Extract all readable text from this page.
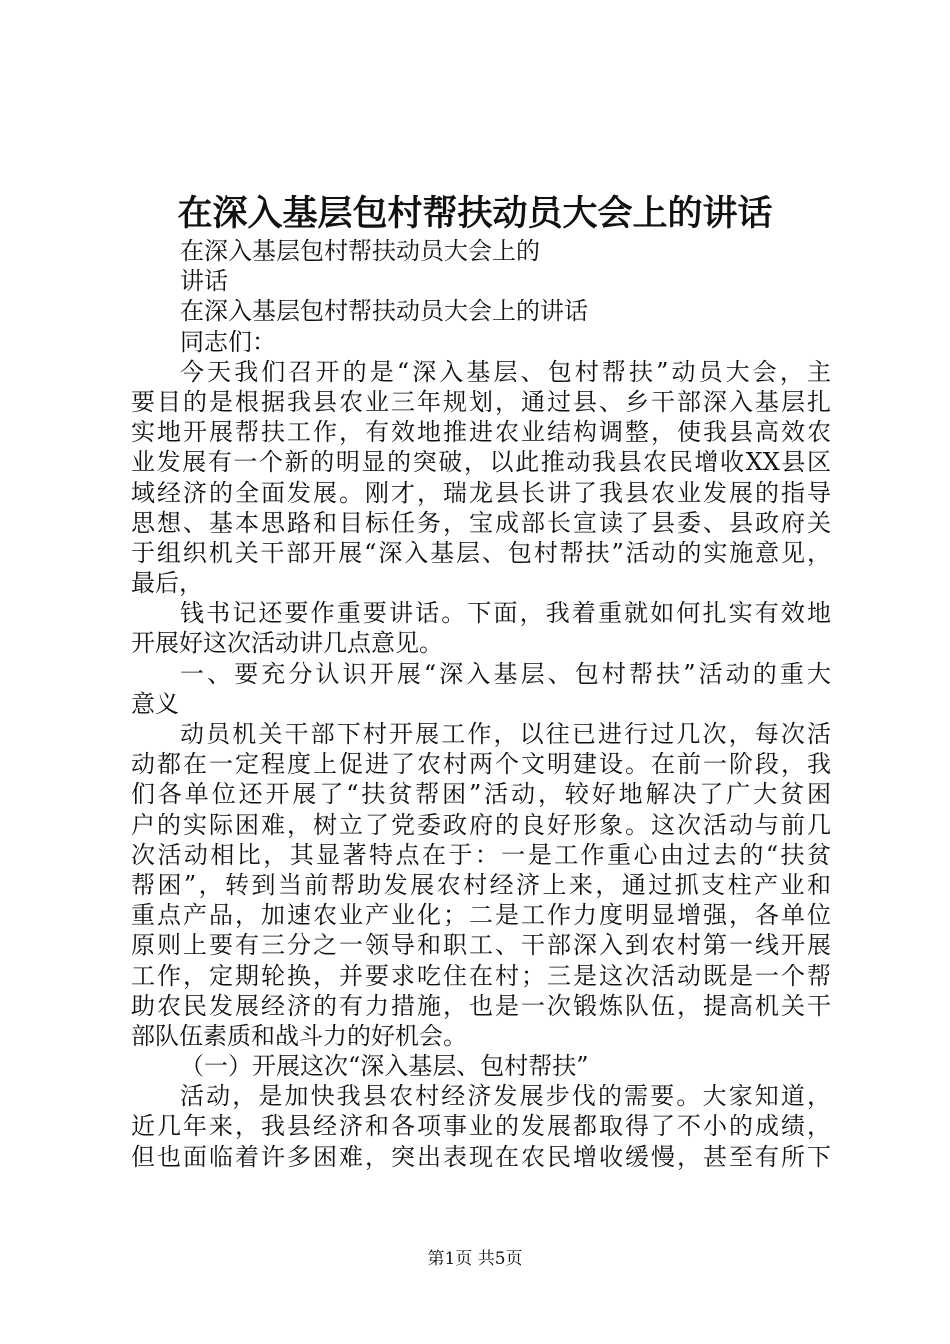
在深入基层包村帮扶动员大会上的讲话
在深入基层包村帮扶动员大会上的
讲话
在深入基层包村帮扶动员大会上的讲话
同志们：
今天我们召开的是“深入基层、包村帮扶”动员大会，主
要目的是根据我县农业三年规划，通过县、乡干部深入基层扎
实地开展帮扶工作，有效地推进农业结构调整，使我县高效农
业发展有一个新的明显的突破，以此推动我县农民增收XX县区
域经济的全面发展。刚才，瑞龙县长讲了我县农业发展的指导
思想、基本思路和目标任务，宝成部长宣读了县委、县政府关
于组织机关干部开展“深入基层、包村帮扶”活动的实施意见，
最后，
钱书记还要作重要讲话。下面，我着重就如何扎实有效地
开展好这次活动讲几点意见。
一、要充分认识开展“深入基层、包村帮扶”活动的重大
意义
动员机关干部下村开展工作，以往已进行过几次，每次活
动都在一定程度上促进了农村两个文明建设。在前一阶段，我
们各单位还开展了“扶贫帮困”活动，较好地解决了广大贫困
户的实际困难，树立了党委政府的良好形象。这次活动与前几
次活动相比，其显著特点在于：一是工作重心由过去的“扶贫
帮困”，转到当前帮助发展农村经济上来，通过抓支柱产业和
重点产品，加速农业产业化；二是工作力度明显增强，各单位
原则上要有三分之一领导和职工、干部深入到农村第一线开展
工作，定期轮换，并要求吃住在村；三是这次活动既是一个帮
助农民发展经济的有力措施，也是一次锻炼队伍，提高机关干
部队伍素质和战斗力的好机会。
（一）开展这次“深入基层、包村帮扶”
活动，是加快我县农村经济发展步伐的需要。大家知道，
近几年来，我县经济和各项事业的发展都取得了不小的成绩，
但也面临着许多困难，突出表现在农民增收缓慢，甚至有所下
第1页 共5页
